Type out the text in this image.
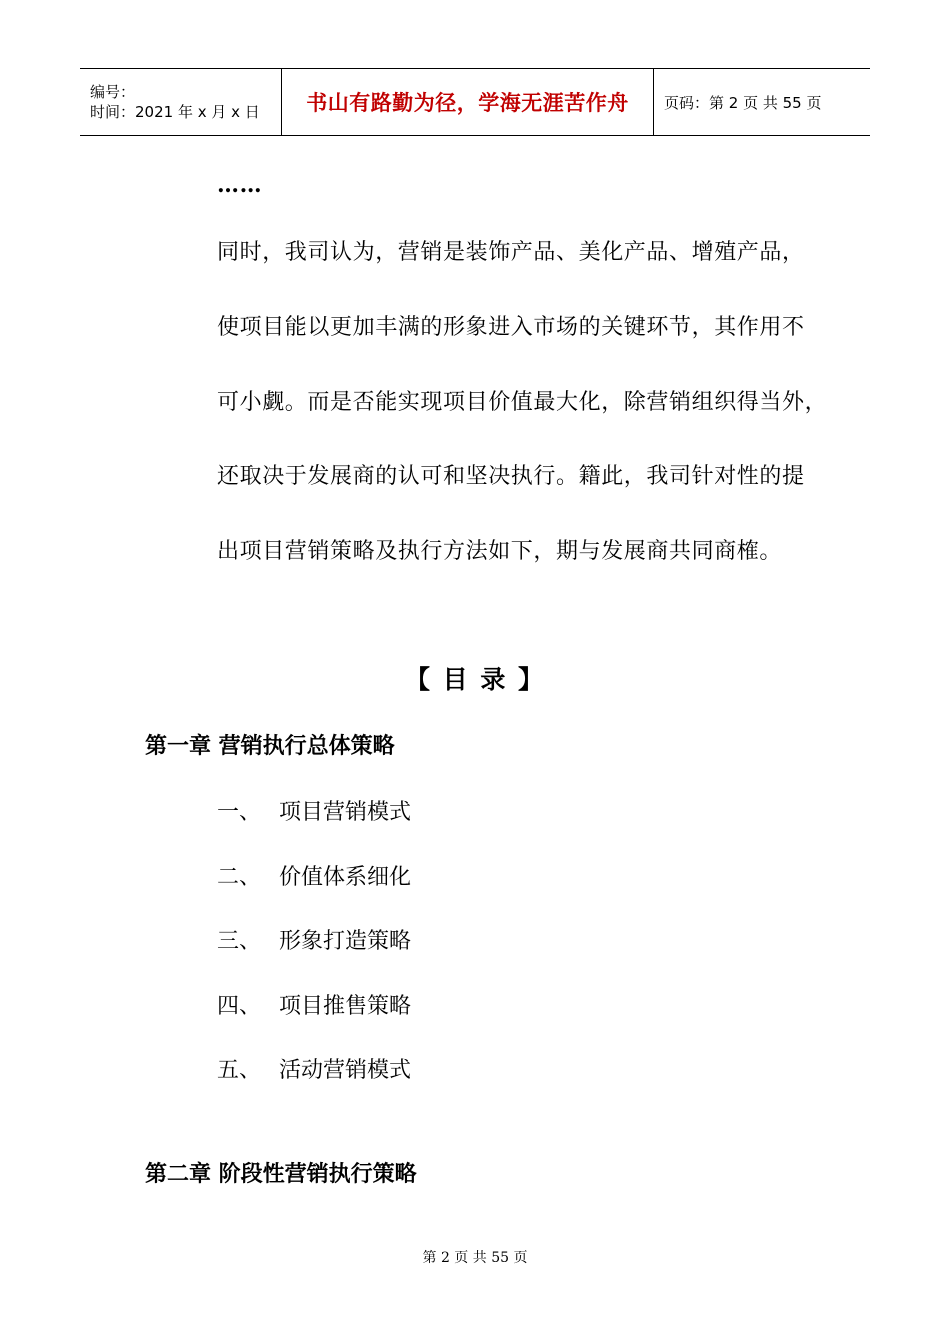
编号：
时间：2021 年 x 月 x 日	书山有路勤为径，学海无涯苦作舟 页码：第 2 页 共 55 页
……
同时，我司认为，营销是装饰产品、美化产品、增殖产品，
使项目能以更加丰满的形象进入市场的关键环节，其作用不
可小觑。而是否能实现项目价值最大化，除营销组织得当外，
还取决于发展商的认可和坚决执行。籍此，我司针对性的提
出项目营销策略及执行方法如下，期与发展商共同商榷。
【 目 录 】
第一章 营销执行总体策略
一、 项目营销模式
二、 价值体系细化
三、 形象打造策略
四、 项目推售策略
五、 活动营销模式
第二章 阶段性营销执行策略
第 2 页 共 55 页
